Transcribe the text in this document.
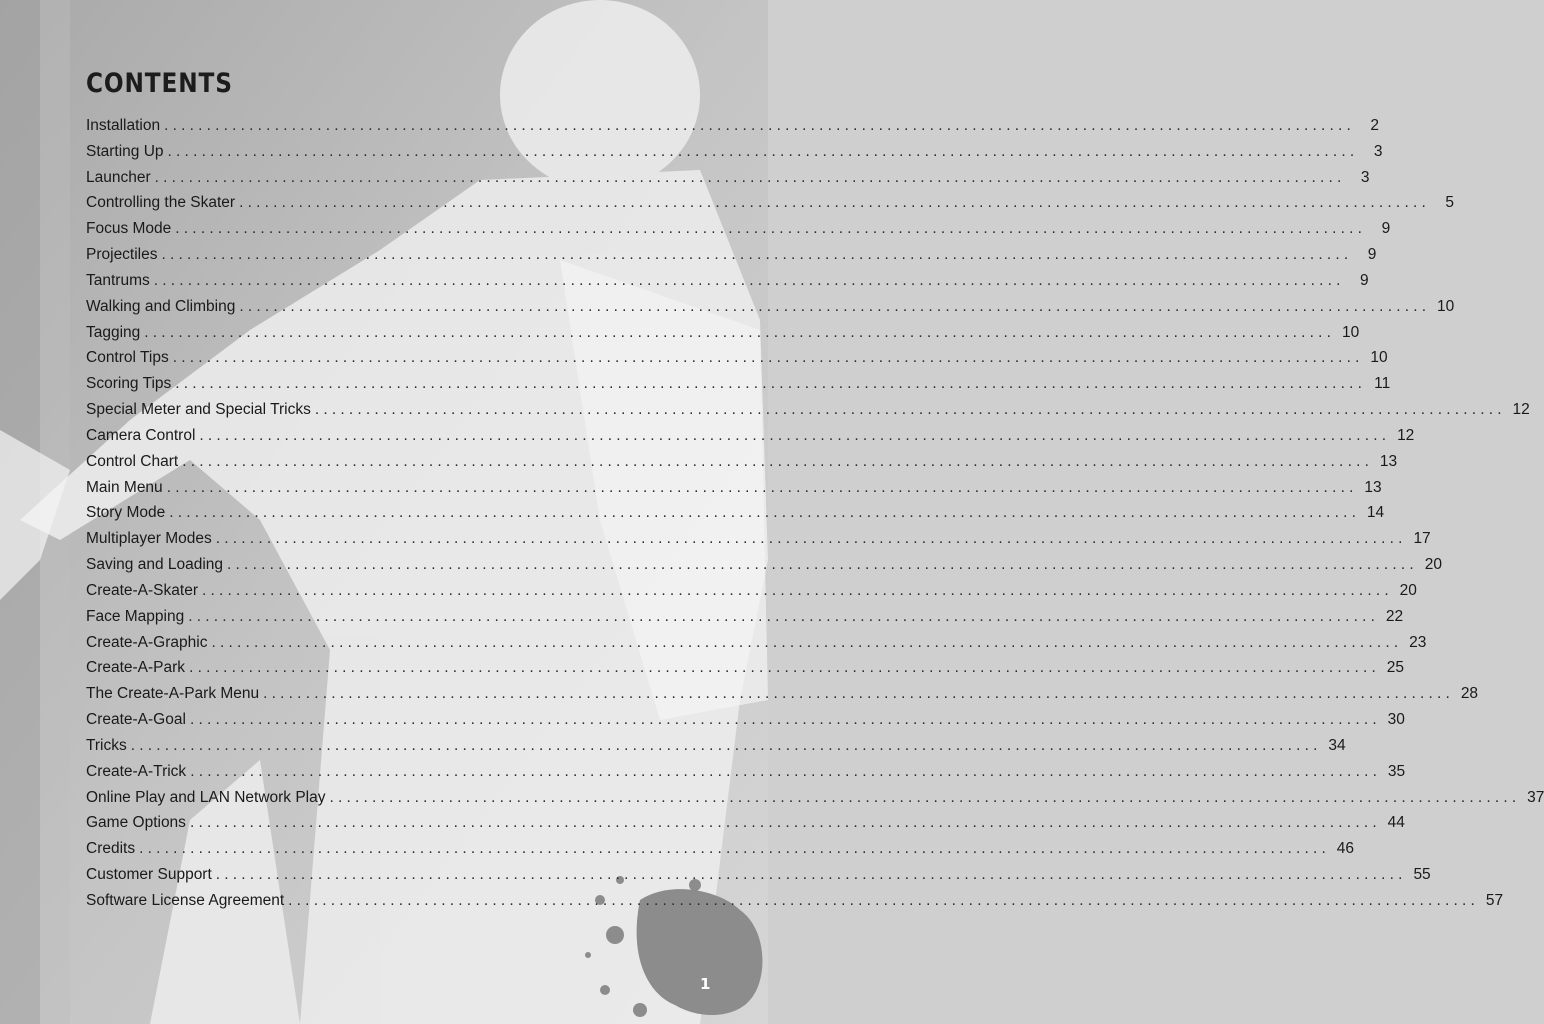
CONTENTS
Installation ............................................................................................................................................ 2
Starting Up ............................................................................................................................................ 3
Launcher ............................................................................................................................................ 3
Controlling the Skater ............................................................................................................................................ 5
Focus Mode ............................................................................................................................................ 9
Projectiles ............................................................................................................................................ 9
Tantrums ............................................................................................................................................ 9
Walking and Climbing ............................................................................................................................................ 10
Tagging ............................................................................................................................................ 10
Control Tips ............................................................................................................................................ 10
Scoring Tips ............................................................................................................................................ 11
Special Meter and Special Tricks ............................................................................................................................................ 12
Camera Control ............................................................................................................................................ 12
Control Chart ............................................................................................................................................ 13
Main Menu ............................................................................................................................................ 13
Story Mode ............................................................................................................................................ 14
Multiplayer Modes ............................................................................................................................................ 17
Saving and Loading ............................................................................................................................................ 20
Create-A-Skater ............................................................................................................................................ 20
Face Mapping ............................................................................................................................................ 22
Create-A-Graphic ............................................................................................................................................ 23
Create-A-Park ............................................................................................................................................ 25
The Create-A-Park Menu ............................................................................................................................................ 28
Create-A-Goal ............................................................................................................................................ 30
Tricks ............................................................................................................................................ 34
Create-A-Trick ............................................................................................................................................ 35
Online Play and LAN Network Play ............................................................................................................................................ 37
Game Options ............................................................................................................................................ 44
Credits ............................................................................................................................................ 46
Customer Support ............................................................................................................................................ 55
Software License Agreement ............................................................................................................................................ 57
1
